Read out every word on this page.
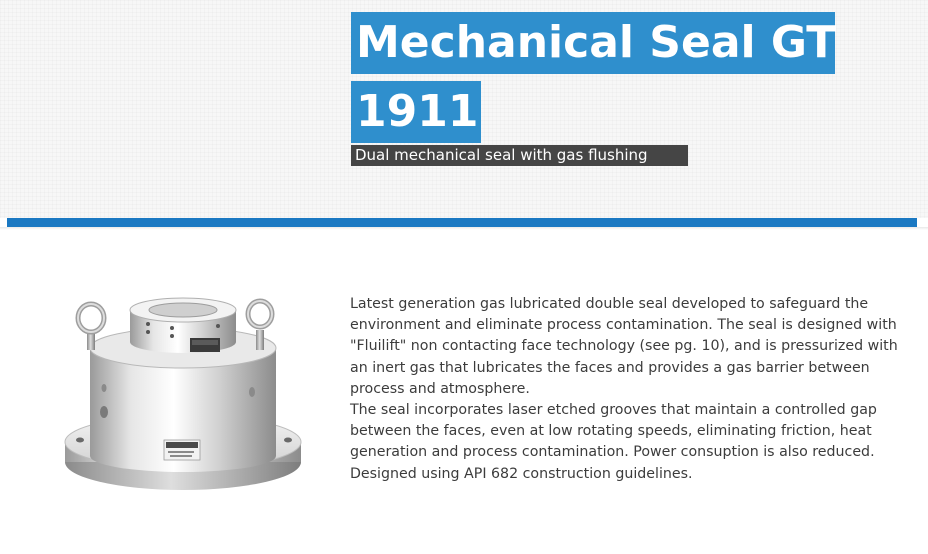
Mechanical Seal GT
1911
Dual mechanical seal with gas flushing

Latest generation gas lubricated double seal developed to safeguard the environment and eliminate process contamination. The seal is designed with "Fluilift" non contacting face technology (see pg. 10), and is pressurized with an inert gas that lubricates the faces and provides a gas barrier between process and atmosphere.

The seal incorporates laser etched grooves that maintain a controlled gap between the faces, even at low rotating speeds, eliminating friction, heat generation and process contamination. Power consuption is also reduced. Designed using API 682 construction guidelines.
